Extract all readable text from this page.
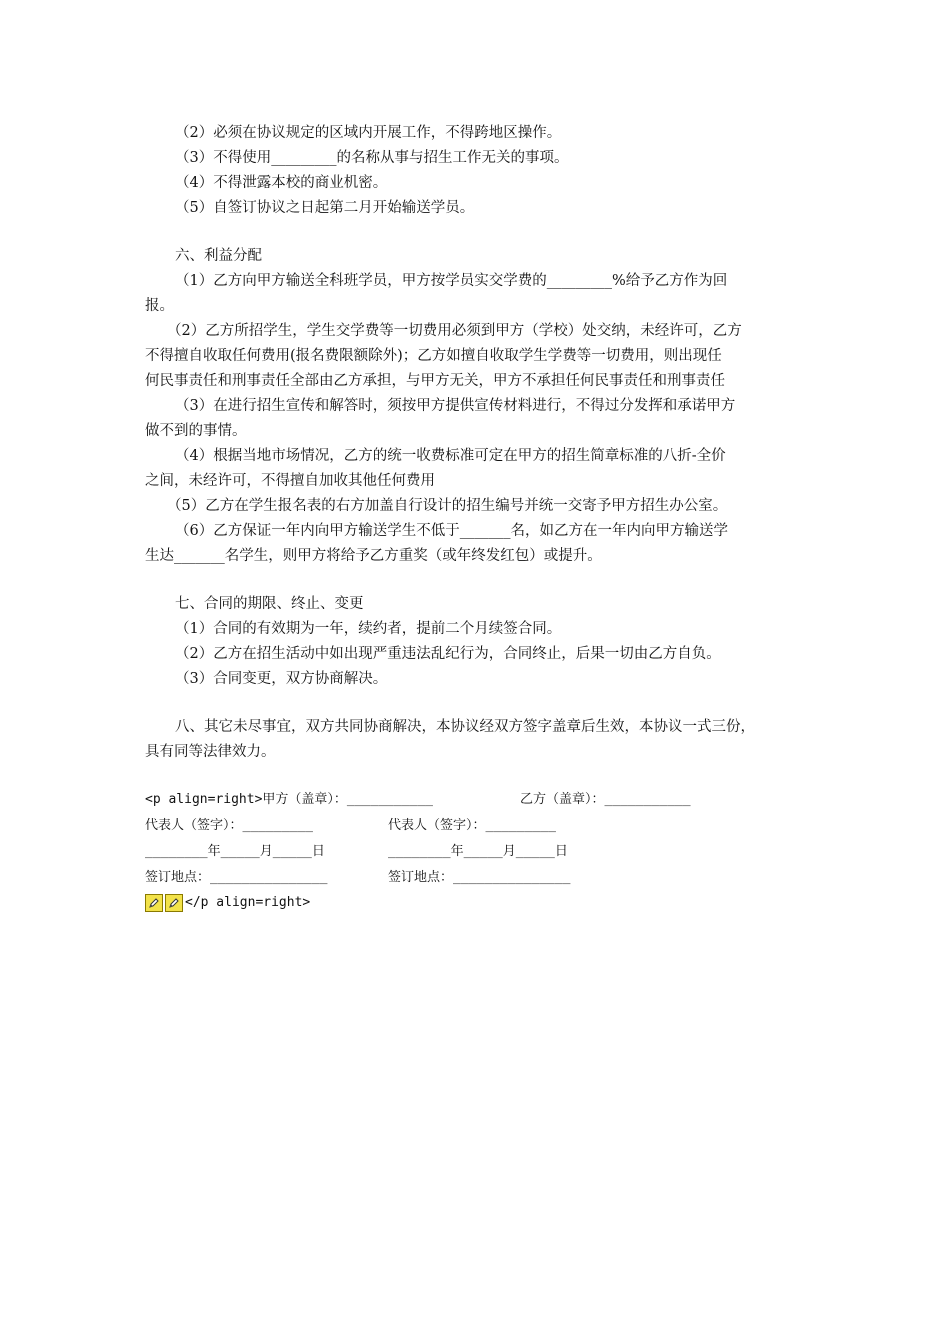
（2）必须在协议规定的区域内开展工作，不得跨地区操作。
（3）不得使用_________的名称从事与招生工作无关的事项。
（4）不得泄露本校的商业机密。
（5）自签订协议之日起第二月开始输送学员。
六、利益分配
（1）乙方向甲方输送全科班学员，甲方按学员实交学费的_________%给予乙方作为回
报。
（2）乙方所招学生，学生交学费等一切费用必须到甲方（学校）处交纳，未经许可，乙方
不得擅自收取任何费用(报名费限额除外)；乙方如擅自收取学生学费等一切费用，则出现任
何民事责任和刑事责任全部由乙方承担，与甲方无关，甲方不承担任何民事责任和刑事责任
（3）在进行招生宣传和解答时，须按甲方提供宣传材料进行，不得过分发挥和承诺甲方
做不到的事情。
（4）根据当地市场情况，乙方的统一收费标准可定在甲方的招生简章标准的八折-全价
之间，未经许可，不得擅自加收其他任何费用
（5）乙方在学生报名表的右方加盖自行设计的招生编号并统一交寄予甲方招生办公室。
（6）乙方保证一年内向甲方输送学生不低于_______名，如乙方在一年内向甲方输送学
生达_______名学生，则甲方将给予乙方重奖（或年终发红包）或提升。
七、合同的期限、终止、变更
（1）合同的有效期为一年，续约者，提前二个月续签合同。
（2）乙方在招生活动中如出现严重违法乱纪行为，合同终止，后果一切由乙方自负。
（3）合同变更，双方协商解决。
八、其它未尽事宜，双方共同协商解决，本协议经双方签字盖章后生效，本协议一式三份，
具有同等法律效力。
<p align=right>甲方（盖章）：___________	乙方（盖章）：___________
代表人（签字）：_________	代表人（签字）：_________
________年_____月_____日	________年_____月_____日
签订地点：_______________	签订地点：_______________
</p align=right>
